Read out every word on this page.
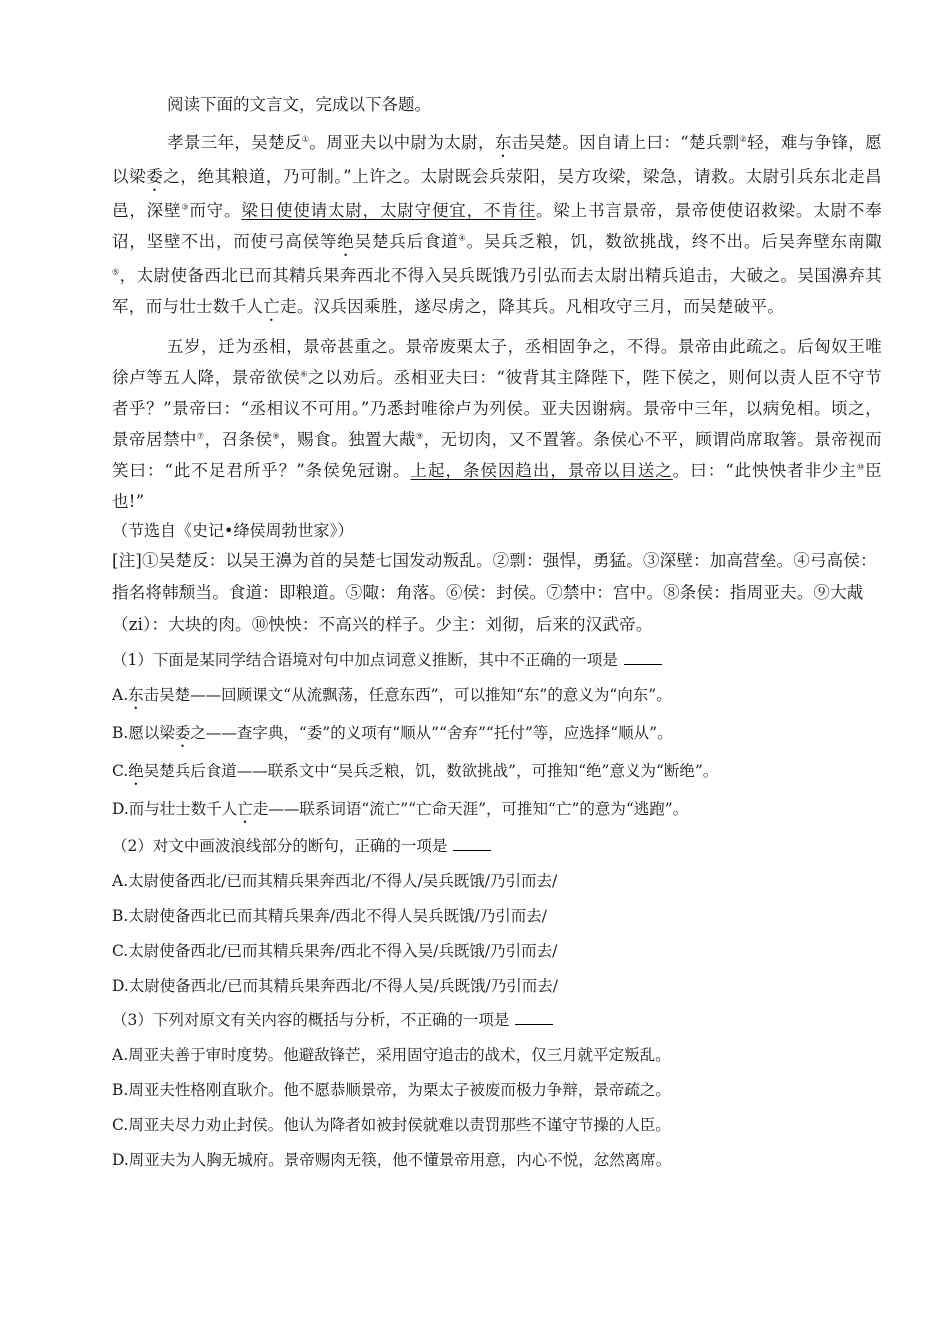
阅读下面的文言文，完成以下各题。

孝景三年，吴楚反①。周亚夫以中尉为太尉，东击吴楚。因自请上曰：“楚兵剽②轻，难与争锋，愿以梁委之，绝其粮道，乃可制。”上许之。太尉既会兵荥阳，吴方攻梁，梁急，请救。太尉引兵东北走昌邑，深壁③而守。梁日使使请太尉，太尉守便宜，不肯往。梁上书言景帝，景帝使使诏救梁。太尉不奉诏，坚壁不出，而使弓高侯等绝吴楚兵后食道④。吴兵乏粮，饥，数欲挑战，终不出。后吴奔壁东南陬⑤，太尉使备西北已而其精兵果奔西北不得入吴兵既饿乃引弘而去太尉出精兵追击，大破之。吴国濞弃其军，而与壮士数千人亡走。汉兵因乘胜，遂尽虏之，降其兵。凡相攻守三月，而吴楚破平。

五岁，迁为丞相，景帝甚重之。景帝废栗太子，丞相固争之，不得。景帝由此疏之。后匈奴王唯徐卢等五人降，景帝欲侯⑥之以劝后。丞相亚夫曰：“彼背其主降陛下，陛下侯之，则何以责人臣不守节者乎？”景帝曰：“丞相议不可用。”乃悉封唯徐卢为列侯。亚夫因谢病。景帝中三年，以病免相。顷之，景帝居禁中⑦，召条侯⑧，赐食。独置大胾⑨，无切肉，又不置箸。条侯心不平，顾谓尚席取箸。景帝视而笑曰：“此不足君所乎？”条侯免冠谢。上起，条侯因趋出，景帝以目送之。曰：“此怏怏者非少主⑩臣也!”

（节选自《史记•绛侯周勃世家》）

[注]①吴楚反：以吴王濞为首的吴楚七国发动叛乱。②剽：强悍，勇猛。③深壁：加高营垒。④弓高侯：指名将韩颓当。食道：即粮道。⑤陬：角落。⑥侯：封侯。⑦禁中：宫中。⑧条侯：指周亚夫。⑨大胾（zi）：大块的肉。⑩怏怏：不高兴的样子。少主：刘彻，后来的汉武帝。

（1）下面是某同学结合语境对句中加点词意义推断，其中不正确的一项是

A.东击吴楚——回顾课文“从流飘荡，任意东西”，可以推知“东”的意义为“向东”。

B.愿以梁委之——查字典，“委”的义项有“顺从”“舍弃”“托付”等，应选择“顺从”。

C.绝吴楚兵后食道——联系文中“吴兵乏粮，饥，数欲挑战”，可推知“绝”意义为“断绝”。

D.而与壮士数千人亡走——联系词语“流亡”“亡命天涯”，可推知“亡”的意为“逃跑”。

（2）对文中画波浪线部分的断句，正确的一项是

A.太尉使备西北/已而其精兵果奔西北/不得人/吴兵既饿/乃引而去/

B.太尉使备西北已而其精兵果奔/西北不得人吴兵既饿/乃引而去/

C.太尉使备西北/已而其精兵果奔/西北不得入吴/兵既饿/乃引而去/

D.太尉使备西北/已而其精兵果奔西北/不得人吴/兵既饿/乃引而去/

（3）下列对原文有关内容的概括与分析，不正确的一项是

A.周亚夫善于审时度势。他避敌锋芒，采用固守追击的战术，仅三月就平定叛乱。

B.周亚夫性格刚直耿介。他不愿恭顺景帝，为栗太子被废而极力争辩，景帝疏之。

C.周亚夫尽力劝止封侯。他认为降者如被封侯就难以责罚那些不谨守节操的人臣。

D.周亚夫为人胸无城府。景帝赐肉无筷，他不懂景帝用意，内心不悦，忿然离席。
